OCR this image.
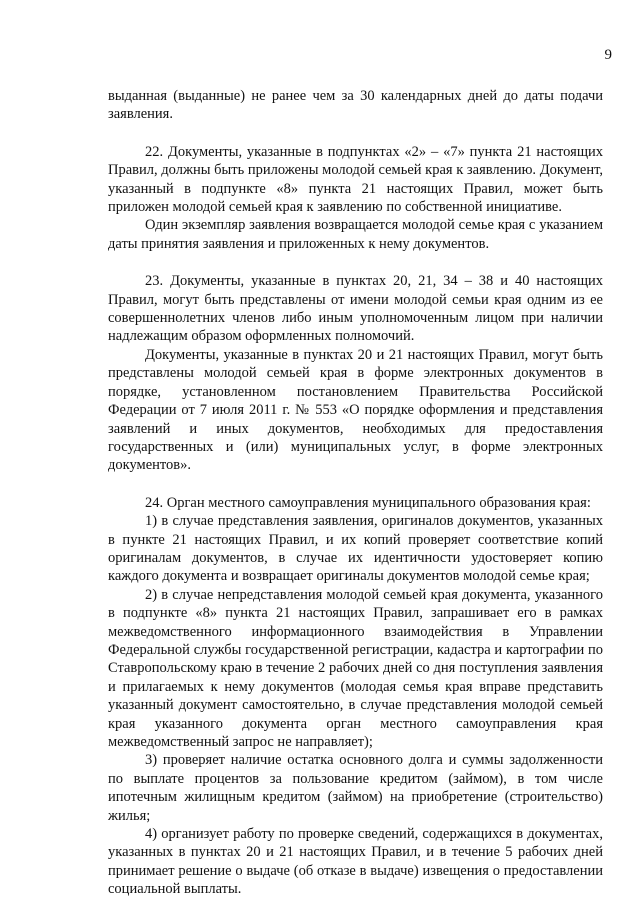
9

выданная (выданные) не ранее чем за 30 календарных дней до даты подачи заявления.

22. Документы, указанные в подпунктах «2» – «7» пункта 21 настоящих Правил, должны быть приложены молодой семьей края к заявлению. Документ, указанный в подпункте «8» пункта 21 настоящих Правил, может быть приложен молодой семьей края к заявлению по собственной инициативе.

Один экземпляр заявления возвращается молодой семье края с указанием даты принятия заявления и приложенных к нему документов.

23. Документы, указанные в пунктах 20, 21, 34 – 38 и 40 настоящих Правил, могут быть представлены от имени молодой семьи края одним из ее совершеннолетних членов либо иным уполномоченным лицом при наличии надлежащим образом оформленных полномочий.

Документы, указанные в пунктах 20 и 21 настоящих Правил, могут быть представлены молодой семьей края в форме электронных документов в порядке, установленном постановлением Правительства Российской Федерации от 7 июля 2011 г. № 553 «О порядке оформления и представления заявлений и иных документов, необходимых для предоставления государственных и (или) муниципальных услуг, в форме электронных документов».

24. Орган местного самоуправления муниципального образования края:

1) в случае представления заявления, оригиналов документов, указанных в пункте 21 настоящих Правил, и их копий проверяет соответствие копий оригиналам документов, в случае их идентичности удостоверяет копию каждого документа и возвращает оригиналы документов молодой семье края;

2) в случае непредставления молодой семьей края документа, указанного в подпункте «8» пункта 21 настоящих Правил, запрашивает его в рамках межведомственного информационного взаимодействия в Управлении Федеральной службы государственной регистрации, кадастра и картографии по Ставропольскому краю в течение 2 рабочих дней со дня поступления заявления и прилагаемых к нему документов (молодая семья края вправе представить указанный документ самостоятельно, в случае представления молодой семьей края указанного документа орган местного самоуправления края межведомственный запрос не направляет);

3) проверяет наличие остатка основного долга и суммы задолженности по выплате процентов за пользование кредитом (займом), в том числе ипотечным жилищным кредитом (займом) на приобретение (строительство) жилья;

4) организует работу по проверке сведений, содержащихся в документах, указанных в пунктах 20 и 21 настоящих Правил, и в течение 5 рабочих дней принимает решение о выдаче (об отказе в выдаче) извещения о предоставлении социальной выплаты.
